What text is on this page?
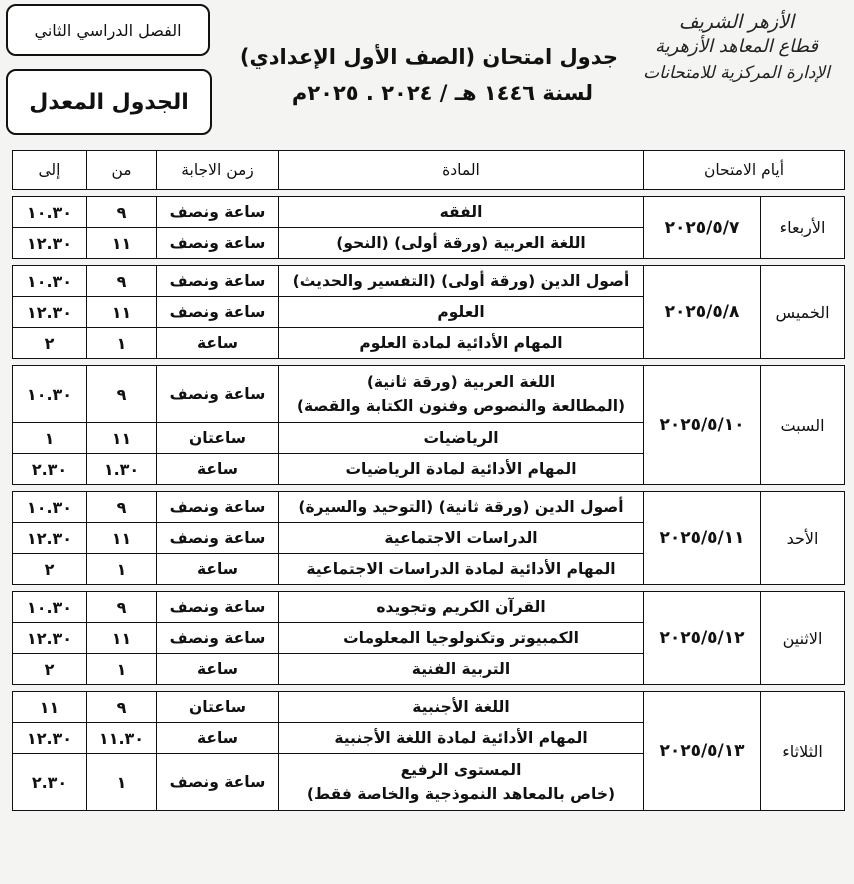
الأزهر الشريف
قطاع المعاهد الأزهرية
الإدارة المركزية للامتحانات
جدول امتحان (الصف الأول الإعدادي)
لسنة ١٤٤٦ هـ / ٢٠٢٤ . ٢٠٢٥م
الفصل الدراسي الثاني
الجدول المعدل
أيام الامتحان		المادة	زمن الاجابة	من	إلى

الأربعاء	٢٠٢٥/٥/٧	الفقه	ساعة ونصف	٩	١٠.٣٠
		اللغة العربية (ورقة أولى) (النحو)	ساعة ونصف	١١	١٢.٣٠

الخميس	٢٠٢٥/٥/٨	أصول الدين (ورقة أولى) (التفسير والحديث)	ساعة ونصف	٩	١٠.٣٠
		العلوم	ساعة ونصف	١١	١٢.٣٠
		المهام الأدائية لمادة العلوم	ساعة	١	٢

السبت	٢٠٢٥/٥/١٠	اللغة العربية (ورقة ثانية)
(المطالعة والنصوص وفنون الكتابة والقصة)	ساعة ونصف	٩	١٠.٣٠
		الرياضيات	ساعتان	١١	١
		المهام الأدائية لمادة الرياضيات	ساعة	١.٣٠	٢.٣٠

الأحد	٢٠٢٥/٥/١١	أصول الدين (ورقة ثانية) (التوحيد والسيرة)	ساعة ونصف	٩	١٠.٣٠
		الدراسات الاجتماعية	ساعة ونصف	١١	١٢.٣٠
		المهام الأدائية لمادة الدراسات الاجتماعية	ساعة	١	٢

الاثنين	٢٠٢٥/٥/١٢	القرآن الكريم وتجويده	ساعة ونصف	٩	١٠.٣٠
		الكمبيوتر وتكنولوجيا المعلومات	ساعة ونصف	١١	١٢.٣٠
		التربية الفنية	ساعة	١	٢

الثلاثاء	٢٠٢٥/٥/١٣	اللغة الأجنبية	ساعتان	٩	١١
		المهام الأدائية لمادة اللغة الأجنبية	ساعة	١١.٣٠	١٢.٣٠

		المستوى الرفيع
(خاص بالمعاهد النموذجية والخاصة فقط)	ساعة ونصف	١	٢.٣٠
